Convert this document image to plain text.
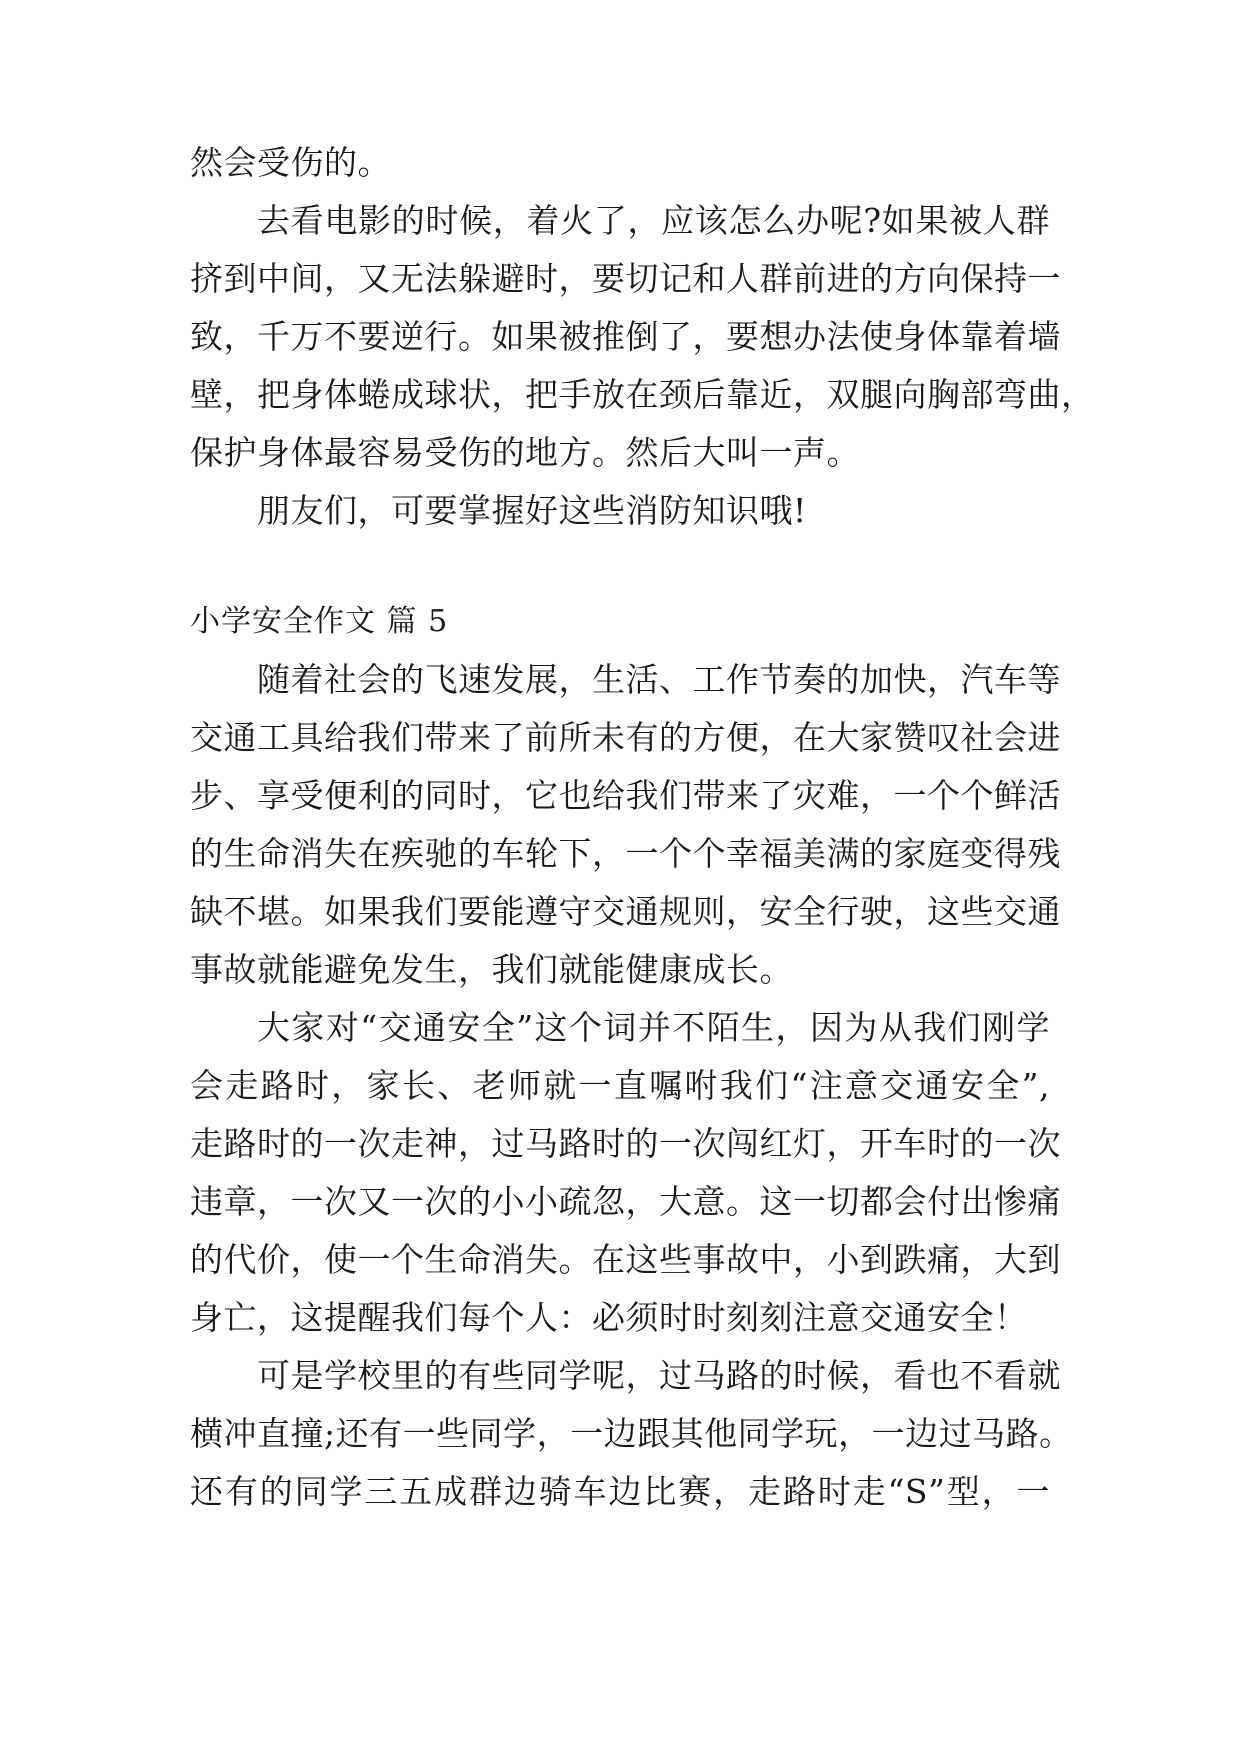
然会受伤的。
去看电影的时候，着火了，应该怎么办呢?如果被人群
挤到中间，又无法躲避时，要切记和人群前进的方向保持一
致，千万不要逆行。如果被推倒了，要想办法使身体靠着墙
壁，把身体蜷成球状，把手放在颈后靠近，双腿向胸部弯曲，
保护身体最容易受伤的地方。然后大叫一声。
朋友们，可要掌握好这些消防知识哦!
小学安全作文 篇 5
随着社会的飞速发展，生活、工作节奏的加快，汽车等
交通工具给我们带来了前所未有的方便，在大家赞叹社会进
步、享受便利的同时，它也给我们带来了灾难，一个个鲜活
的生命消失在疾驰的车轮下，一个个幸福美满的家庭变得残
缺不堪。如果我们要能遵守交通规则，安全行驶，这些交通
事故就能避免发生，我们就能健康成长。
大家对“交通安全”这个词并不陌生，因为从我们刚学
会走路时，家长、老师就一直嘱咐我们“注意交通安全”,
走路时的一次走神，过马路时的一次闯红灯，开车时的一次
违章，一次又一次的小小疏忽，大意。这一切都会付出惨痛
的代价，使一个生命消失。在这些事故中，小到跌痛，大到
身亡，这提醒我们每个人：必须时时刻刻注意交通安全！
可是学校里的有些同学呢，过马路的时候，看也不看就
横冲直撞;还有一些同学，一边跟其他同学玩，一边过马路。
还有的同学三五成群边骑车边比赛，走路时走“S”型，一
